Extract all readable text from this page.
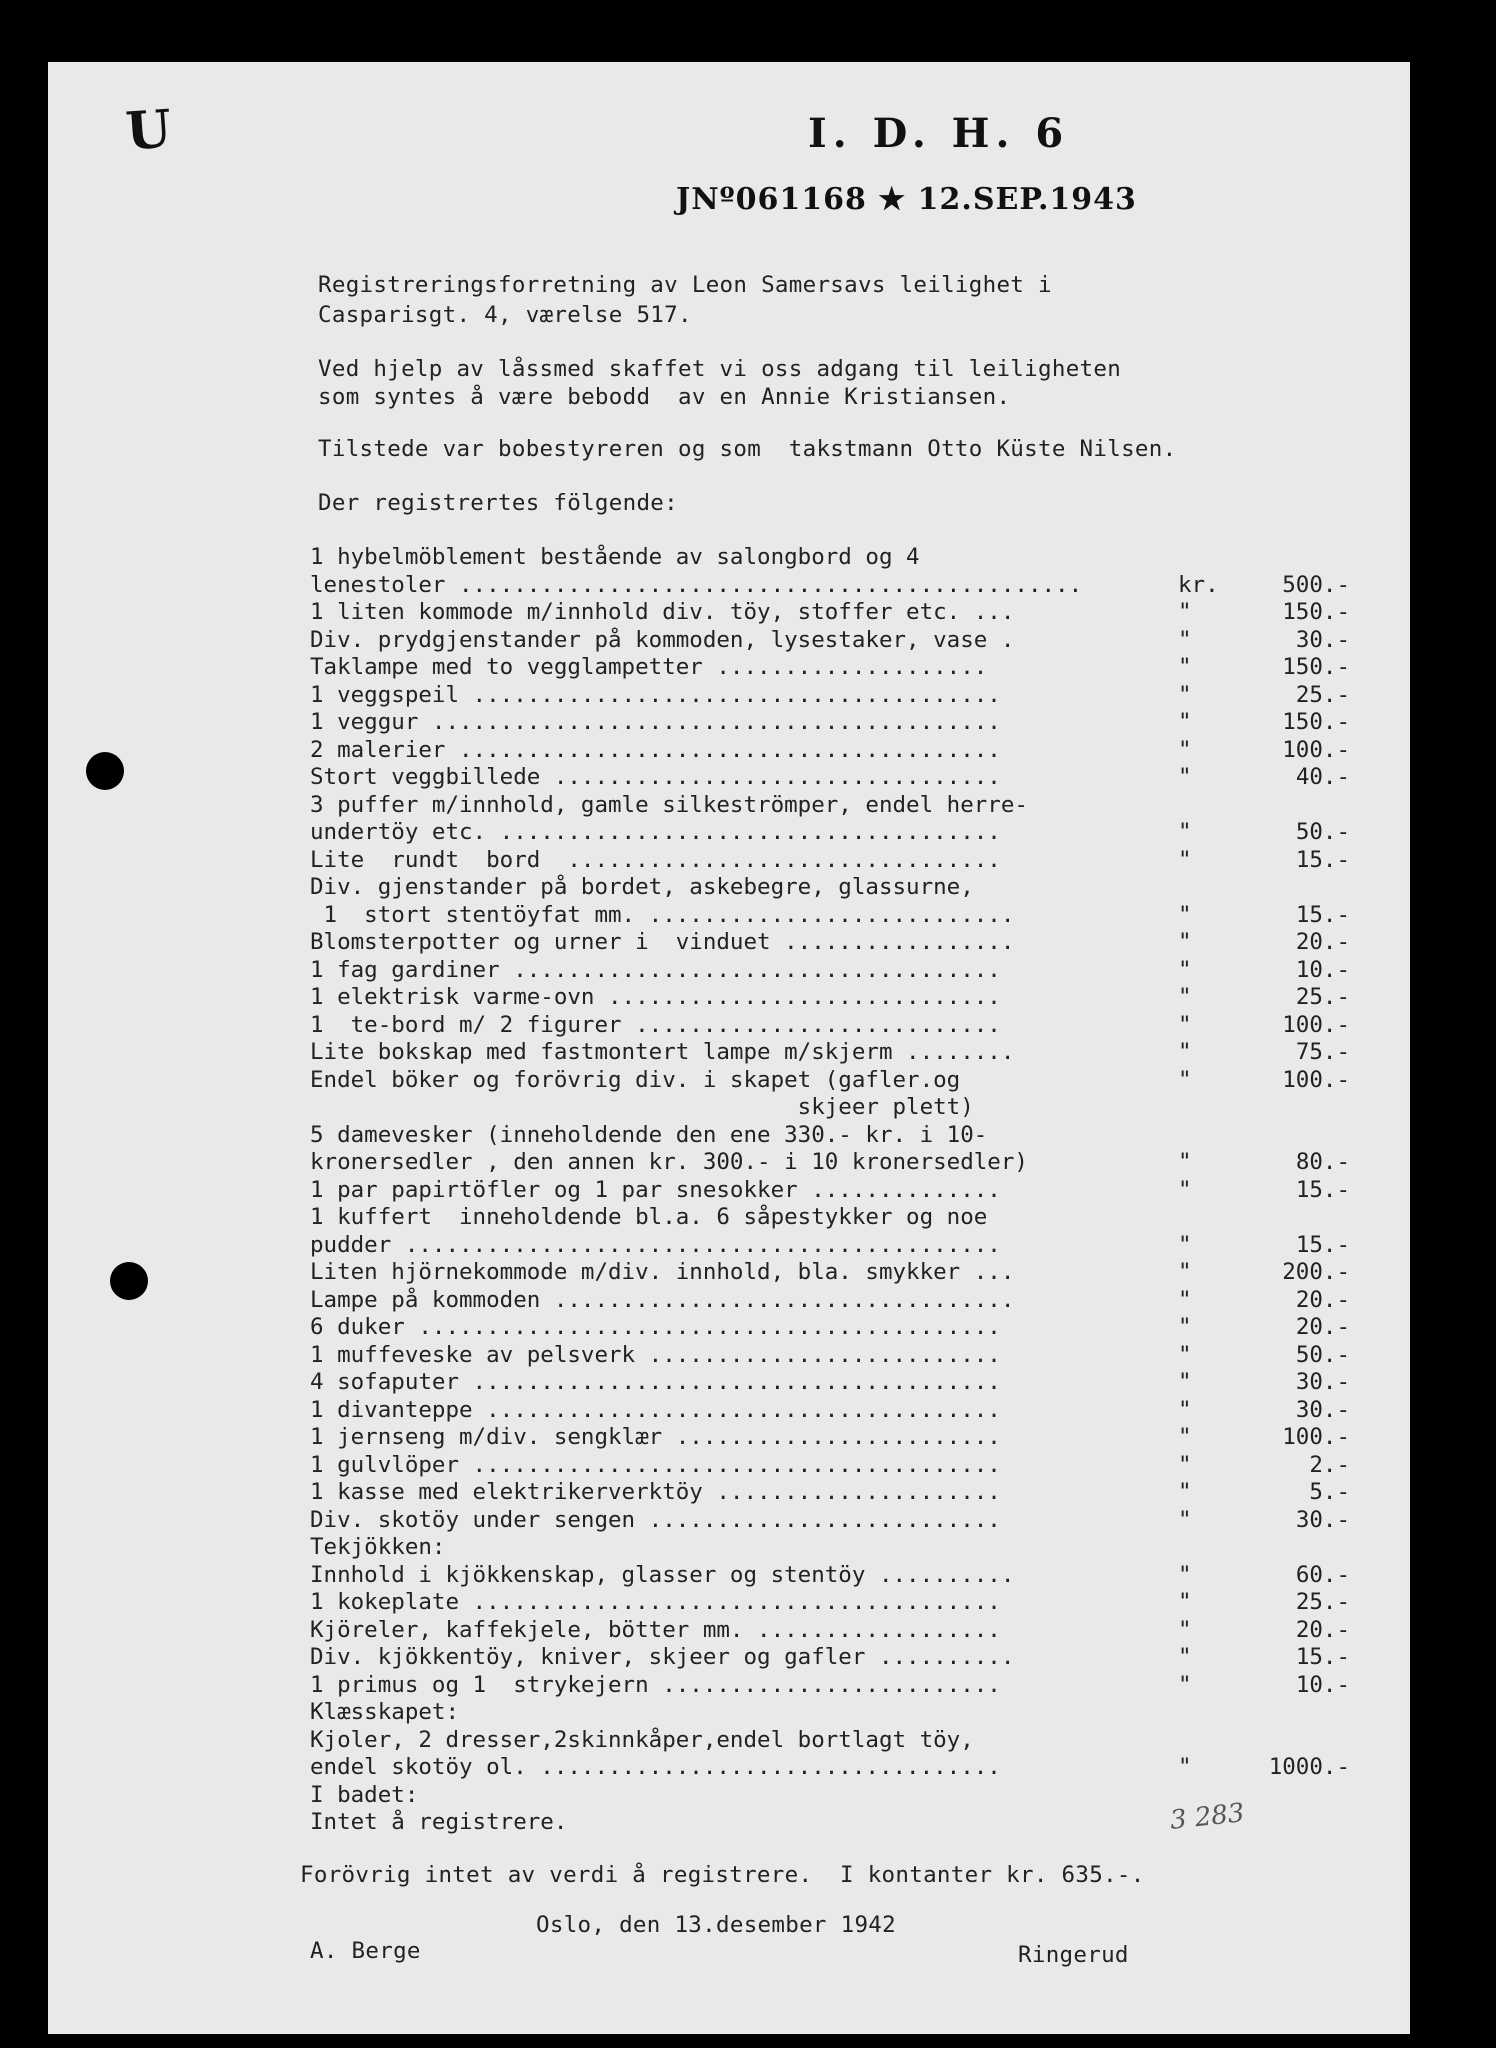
U	I. D. H. 6
JNº061168 ★ 12.SEP.1943
Registreringsforretning av Leon Samersavs leilighet i
Casparisgt. 4, værelse 517.
Ved hjelp av låssmed skaffet vi oss adgang til leiligheten
som syntes å være bebodd  av en Annie Kristiansen.
Tilstede var bobestyreren og som  takstmann Otto Küste Nilsen.
Der registrertes fölgende:
1 hybelmöblement bestående av salongbord og 4
lenestoler ..............................................	kr.	500.-
1 liten kommode m/innhold div. töy, stoffer etc. ...	"	150.-
Div. prydgjenstander på kommoden, lysestaker, vase .	"	30.-
Taklampe med to vegglampetter ....................	"	150.-
1 veggspeil .......................................	"	25.-
1 veggur ..........................................	"	150.-
2 malerier ........................................	"	100.-
Stort veggbillede .................................	"	40.-
3 puffer m/innhold, gamle silkeströmper, endel herre-
undertöy etc. .....................................	"	50.-
Lite  rundt  bord  ................................	"	15.-
Div. gjenstander på bordet, askebegre, glassurne,
1  stort stentöyfat mm. ...........................	"	15.-
Blomsterpotter og urner i  vinduet .................	"	20.-
1 fag gardiner ....................................	"	10.-
1 elektrisk varme-ovn .............................	"	25.-
1  te-bord m/ 2 figurer ...........................	"	100.-
Lite bokskap med fastmontert lampe m/skjerm ........	"	75.-
Endel böker og forövrig div. i skapet (gafler.og	"	100.-
skjeer plett)
5 damevesker (inneholdende den ene 330.- kr. i 10-
kronersedler , den annen kr. 300.- i 10 kronersedler)	"	80.-
1 par papirtöfler og 1 par snesokker ..............	"	15.-
1 kuffert  inneholdende bl.a. 6 såpestykker og noe
pudder ............................................	"	15.-
Liten hjörnekommode m/div. innhold, bla. smykker ...	"	200.-
Lampe på kommoden ..................................	"	20.-
6 duker ...........................................	"	20.-
1 muffeveske av pelsverk ..........................	"	50.-
4 sofaputer .......................................	"	30.-
1 divanteppe ......................................	"	30.-
1 jernseng m/div. sengklær ........................	"	100.-
1 gulvlöper .......................................	"	2.-
1 kasse med elektrikerverktöy .....................	"	5.-
Div. skotöy under sengen ..........................	"	30.-
Tekjökken:
Innhold i kjökkenskap, glasser og stentöy ..........	"	60.-
1 kokeplate .......................................	"	25.-
Kjöreler, kaffekjele, bötter mm. ..................	"	20.-
Div. kjökkentöy, kniver, skjeer og gafler ..........	"	15.-
1 primus og 1  strykejern .........................	"	10.-
Klæsskapet:
Kjoler, 2 dresser,2skinnkåper,endel bortlagt töy,
endel skotöy ol. ..................................	"	1000.-
I badet:
Intet å registrere.	3 283
Forövrig intet av verdi å registrere.  I kontanter kr. 635.-.
Oslo, den 13.desember 1942
A. Berge	Ringerud
